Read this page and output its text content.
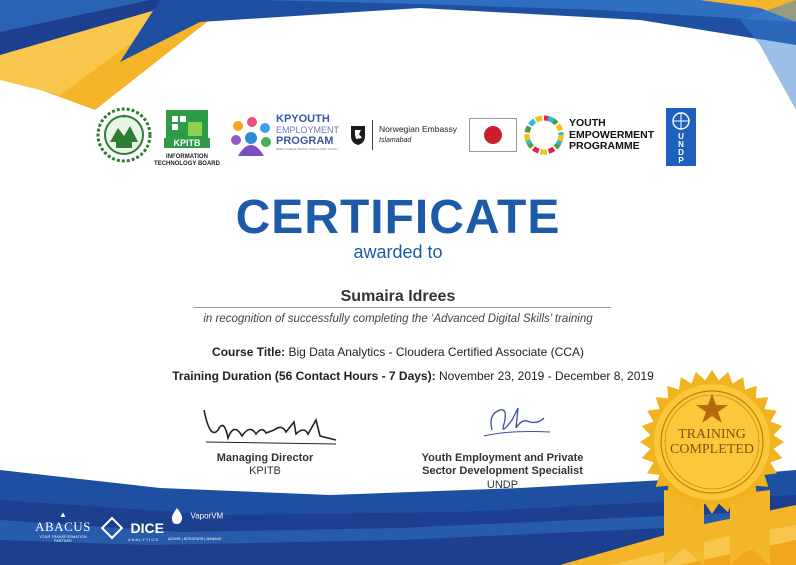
★
KPITB
INFORMATION
TECHNOLOGY BOARD
KPYOUTH
EMPLOYMENT
PROGRAM
EMPLOYABLE DIGITAL SKILLS FOR YOUTH
Norwegian Embassy
Islamabad
YOUTH
EMPOWERMENT
PROGRAMME
U
N
D
P
CERTIFICATE
awarded to
Sumaira Idrees
in recognition of successfully completing the ‘Advanced Digital Skills’ training
Course Title: Big Data Analytics - Cloudera Certified Associate (CCA)
Training Duration (56 Contact Hours - 7 Days): November 23, 2019 - December 8, 2019
Managing Director
KPITB
Youth Employment and Private
Sector Development Specialist
UNDP
TRAINING
COMPLETED
▲
ABACUS
YOUR TRANSFORMATION PARTNER
DICE
ANALYTICS
VaporVM
ADVISE | INTEGRATE | MANAGE
